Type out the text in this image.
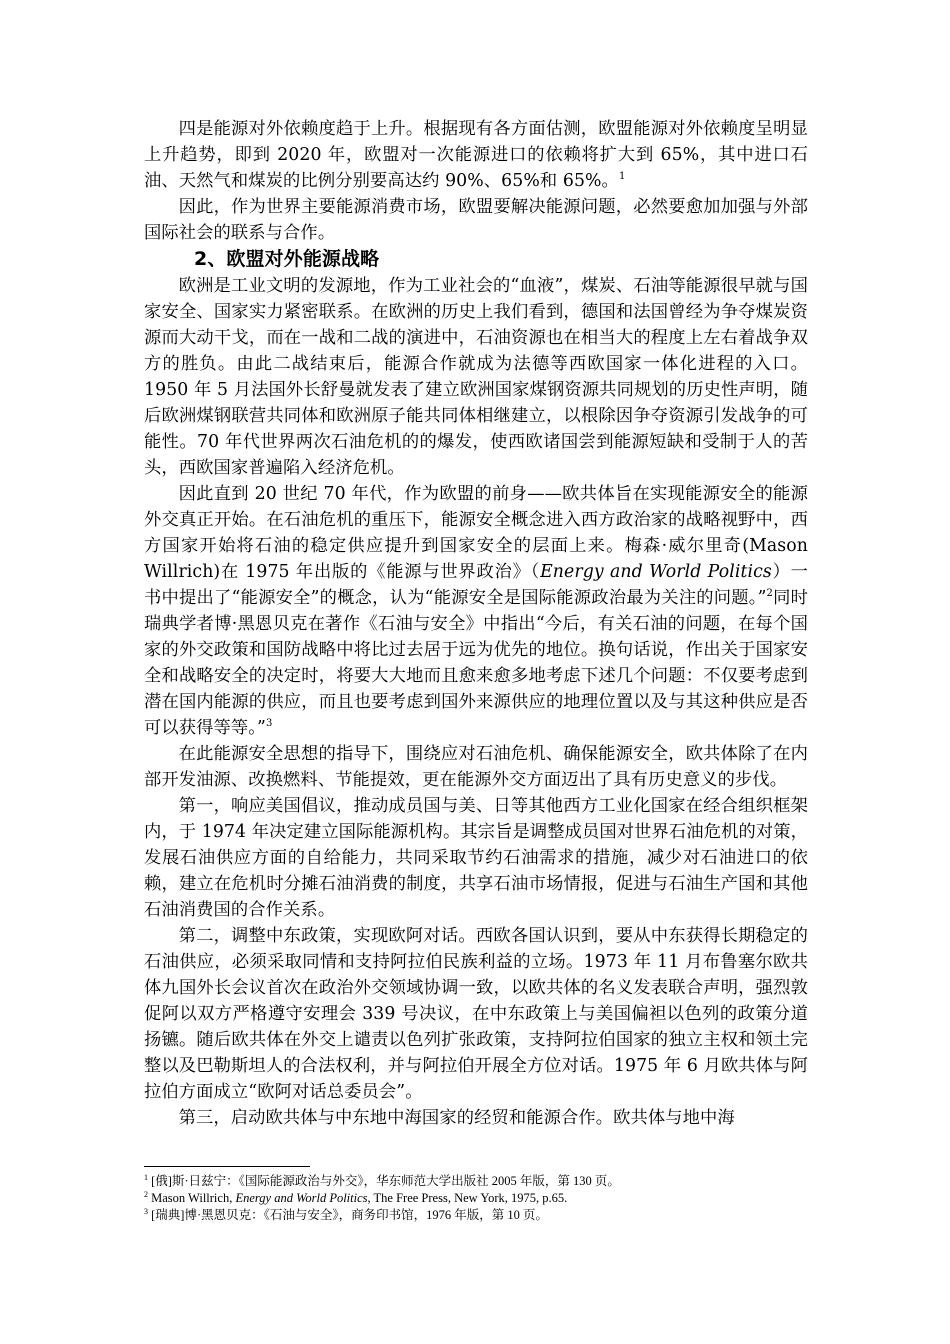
四是能源对外依赖度趋于上升。根据现有各方面估测，欧盟能源对外依赖度呈明显上升趋势，即到 2020 年，欧盟对一次能源进口的依赖将扩大到 65%，其中进口石油、天然气和煤炭的比例分别要高达约 90%、65%和 65%。$^1$

因此，作为世界主要能源消费市场，欧盟要解决能源问题，必然要愈加加强与外部国际社会的联系与合作。

2、欧盟对外能源战略

欧洲是工业文明的发源地，作为工业社会的“血液”，煤炭、石油等能源很早就与国家安全、国家实力紧密联系。在欧洲的历史上我们看到，德国和法国曾经为争夺煤炭资源而大动干戈，而在一战和二战的演进中，石油资源也在相当大的程度上左右着战争双方的胜负。由此二战结束后，能源合作就成为法德等西欧国家一体化进程的入口。1950 年 5 月法国外长舒曼就发表了建立欧洲国家煤钢资源共同规划的历史性声明，随后欧洲煤钢联营共同体和欧洲原子能共同体相继建立，以根除因争夺资源引发战争的可能性。70 年代世界两次石油危机的的爆发，使西欧诸国尝到能源短缺和受制于人的苦头，西欧国家普遍陷入经济危机。

因此直到 20 世纪 70 年代，作为欧盟的前身——欧共体旨在实现能源安全的能源外交真正开始。在石油危机的重压下，能源安全概念进入西方政治家的战略视野中，西方国家开始将石油的稳定供应提升到国家安全的层面上来。梅森·威尔里奇(Mason Willrich)在 1975 年出版的《能源与世界政治》（Energy and World Politics）一书中提出了“能源安全”的概念，认为“能源安全是国际能源政治最为关注的问题。”$^2$同时瑞典学者博·黑恩贝克在著作《石油与安全》中指出“今后，有关石油的问题，在每个国家的外交政策和国防战略中将比过去居于远为优先的地位。换句话说，作出关于国家安全和战略安全的决定时，将要大大地而且愈来愈多地考虑下述几个问题：不仅要考虑到潜在国内能源的供应，而且也要考虑到国外来源供应的地理位置以及与其这种供应是否可以获得等等。”$^3$

在此能源安全思想的指导下，围绕应对石油危机、确保能源安全，欧共体除了在内部开发油源、改换燃料、节能提效，更在能源外交方面迈出了具有历史意义的步伐。

第一，响应美国倡议，推动成员国与美、日等其他西方工业化国家在经合组织框架内，于 1974 年决定建立国际能源机构。其宗旨是调整成员国对世界石油危机的对策，发展石油供应方面的自给能力，共同采取节约石油需求的措施，减少对石油进口的依赖，建立在危机时分摊石油消费的制度，共享石油市场情报，促进与石油生产国和其他石油消费国的合作关系。

第二，调整中东政策，实现欧阿对话。西欧各国认识到，要从中东获得长期稳定的石油供应，必须采取同情和支持阿拉伯民族利益的立场。1973 年 11 月布鲁塞尔欧共体九国外长会议首次在政治外交领域协调一致，以欧共体的名义发表联合声明，强烈敦促阿以双方严格遵守安理会 339 号决议，在中东政策上与美国偏袒以色列的政策分道扬镳。随后欧共体在外交上谴责以色列扩张政策，支持阿拉伯国家的独立主权和领土完整以及巴勒斯坦人的合法权利，并与阿拉伯开展全方位对话。1975 年 6 月欧共体与阿拉伯方面成立“欧阿对话总委员会”。

第三，启动欧共体与中东地中海国家的经贸和能源合作。欧共体与地中海

$^1$ [俄]斯·日兹宁：《国际能源政治与外交》，华东师范大学出版社 2005 年版，第 130 页。

$^2$ Mason Willrich, Energy and World Politics, The Free Press, New York, 1975, p.65.

$^3$ [瑞典]博·黑恩贝克：《石油与安全》，商务印书馆，1976 年版，第 10 页。
